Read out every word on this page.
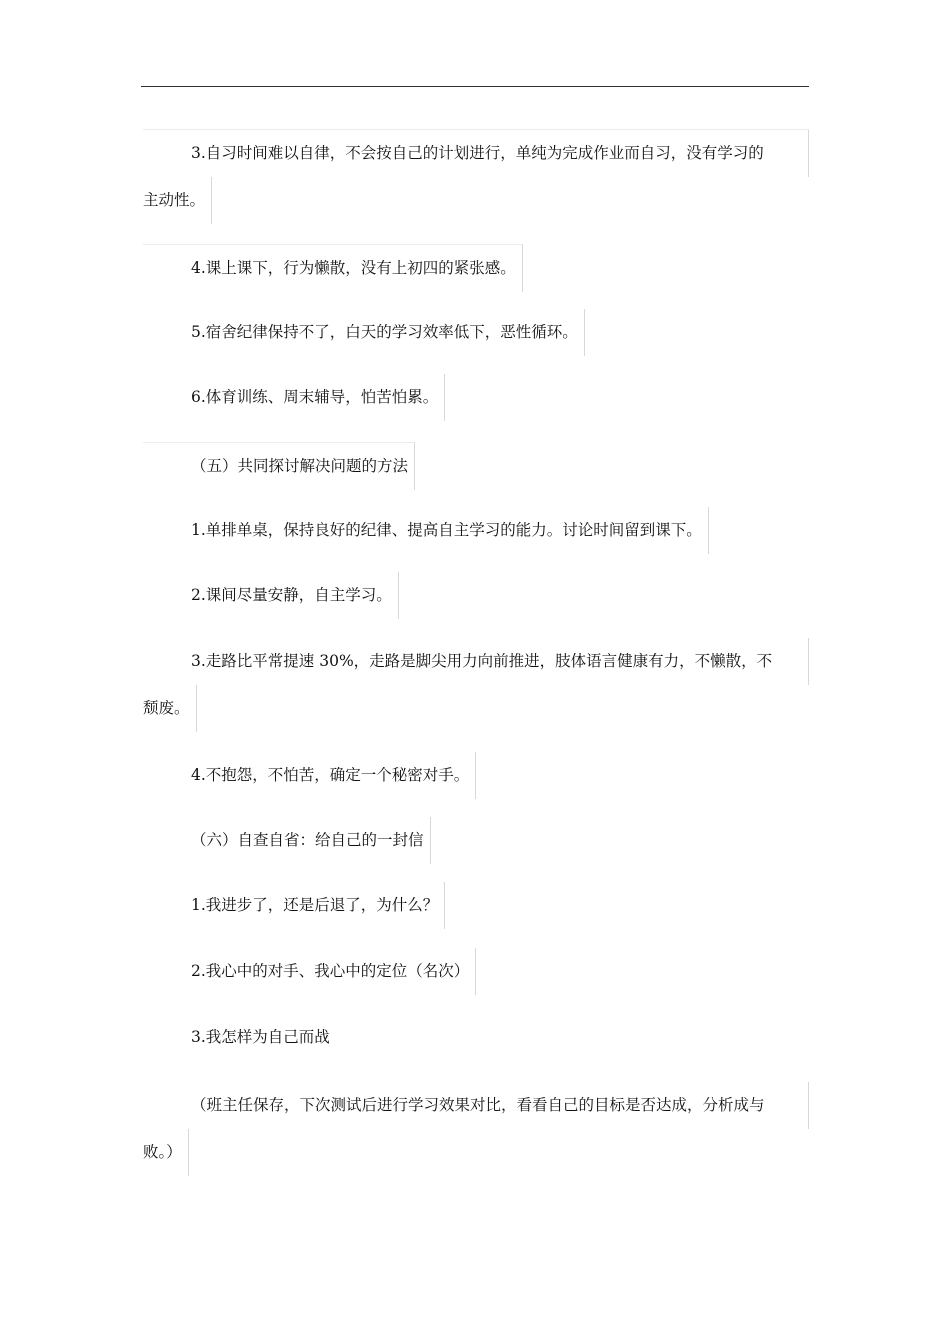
3.自习时间难以自律，不会按自己的计划进行，单纯为完成作业而自习，没有学习的
主动性。
4.课上课下，行为懒散，没有上初四的紧张感。
5.宿舍纪律保持不了，白天的学习效率低下，恶性循环。
6.体育训练、周末辅导，怕苦怕累。
（五）共同探讨解决问题的方法
1.单排单桌，保持良好的纪律、提高自主学习的能力。讨论时间留到课下。
2.课间尽量安静，自主学习。
3.走路比平常提速 30%，走路是脚尖用力向前推进，肢体语言健康有力，不懒散，不
颓废。
4.不抱怨，不怕苦，确定一个秘密对手。
（六）自查自省：给自己的一封信
1.我进步了，还是后退了，为什么？
2.我心中的对手、我心中的定位（名次）
3.我怎样为自己而战
（班主任保存，下次测试后进行学习效果对比，看看自己的目标是否达成，分析成与
败。）
